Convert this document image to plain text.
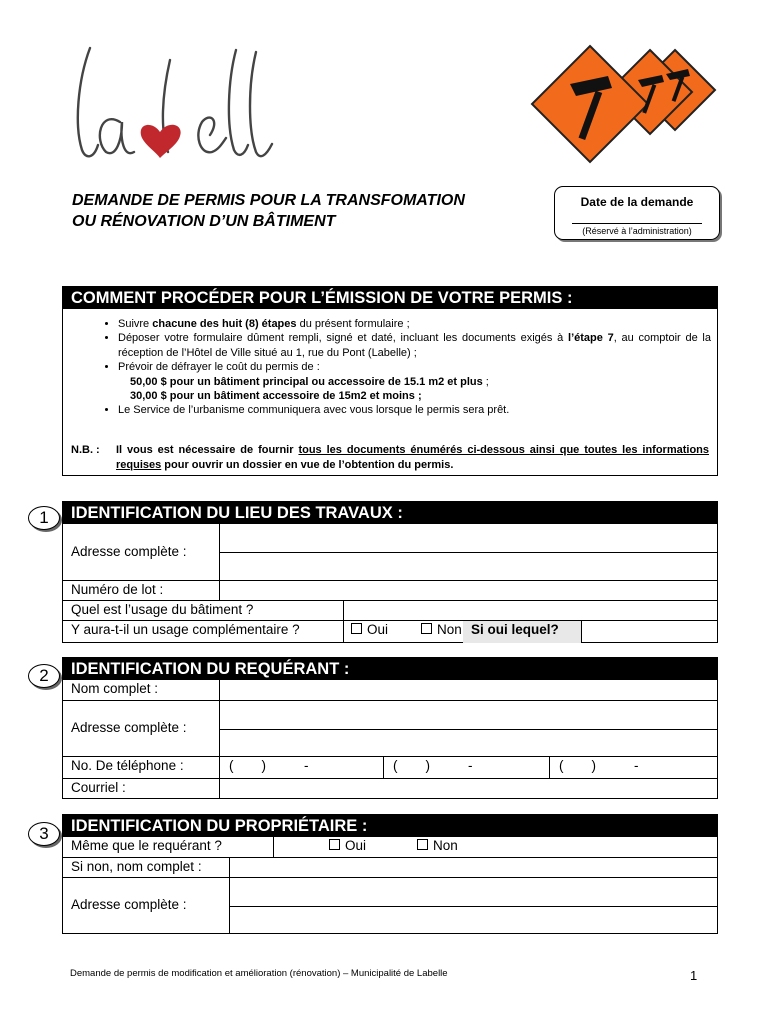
DEMANDE DE PERMIS POUR LA TRANSFOMATION
OU RÉNOVATION D’UN BÂTIMENT
Date de la demande
(Réservé à l’administration)
COMMENT PROCÉDER POUR L’ÉMISSION DE VOTRE PERMIS :
• Suivre chacune des huit (8) étapes du présent formulaire ;
• Déposer votre formulaire dûment rempli, signé et daté, incluant les documents exigés à l’étape 7, au comptoir de la réception de l’Hôtel de Ville situé au 1, rue du Pont (Labelle) ;
• Prévoir de défrayer le coût du permis de :
50,00 $ pour un bâtiment principal ou accessoire de 15.1 m2 et plus ;
30,00 $ pour un bâtiment accessoire de 15m2 et moins ;
• Le Service de l’urbanisme communiquera avec vous lorsque le permis sera prêt.
N.B. : Il vous est nécessaire de fournir tous les documents énumérés ci-dessous ainsi que toutes les informations requises pour ouvrir un dossier en vue de l’obtention du permis.
1	IDENTIFICATION DU LIEU DES TRAVAUX :
Adresse complète :
Numéro de lot :
Quel est l’usage du bâtiment ?
Y aura-t-il un usage complémentaire ?	Oui	Non Si oui lequel?
2	IDENTIFICATION DU REQUÉRANT :
Nom complet :
Adresse complète :
No. De téléphone :	( )	-	( )	-	( )	-
Courriel :
3	IDENTIFICATION DU PROPRIÉTAIRE :
Même que le requérant ?	Oui	Non
Si non, nom complet :
Adresse complète :
Demande de permis de modification et amélioration (rénovation) – Municipalité de Labelle	1
